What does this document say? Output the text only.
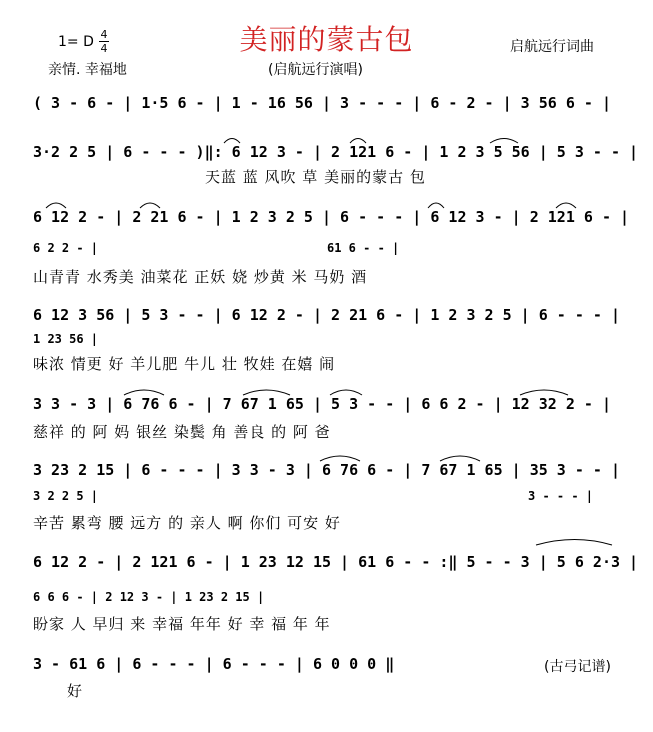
美丽的蒙古包
1= D 4
4
亲情. 幸福地	(启航远行演唱)
启航远行词曲
( 3 - 6 - | 1·5 6 - | 1 - 16 56 | 3 - - - | 6 - 2 - | 3 56 6 - |
3·2 2 5 | 6 - - - )‖: 6 12 3 - | 2 121 6 - | 1 2 3 5 56 | 5 3 - - |
天蓝 蓝 风吹 草 美丽的蒙古 包
6 12 2 - | 2 21 6 - | 1 2 3 2 5 | 6 - - - | 6 12 3 - | 2 121 6 - |
6 2 2 - |	61 6 - - |
山青青 水秀美 油菜花 正妖 娆 炒黄 米 马奶 酒
6 12 3 56 | 5 3 - - | 6 12 2 - | 2 21 6 - | 1 2 3 2 5 | 6 - - - |
1 23 56 |
味浓 情更 好 羊儿肥 牛儿 壮 牧娃 在嬉 闹
3 3 - 3 | 6 76 6 - | 7 67 1 65 | 5 3 - - | 6 6 2 - | 12 32 2 - |
慈祥 的 阿 妈 银丝 染鬓 角 善良 的 阿 爸
3 23 2 15 | 6 - - - | 3 3 - 3 | 6 76 6 - | 7 67 1 65 | 35 3 - - |
3 2 2 5 |	3 - - - |
辛苦 累弯 腰 远方 的 亲人 啊 你们 可安 好
6 12 2 - | 2 121 6 - | 1 23 12 15 | 61 6 - - :‖ 5 - - 3 | 5 6 2·3 |
6 6 6 - | 2 12 3 - | 1 23 2 15 |
盼家 人 早归 来 幸福 年年 好 幸 福 年 年
3 - 61 6 | 6 - - - | 6 - - - | 6 0 0 0 ‖
好
(古弓记谱)
